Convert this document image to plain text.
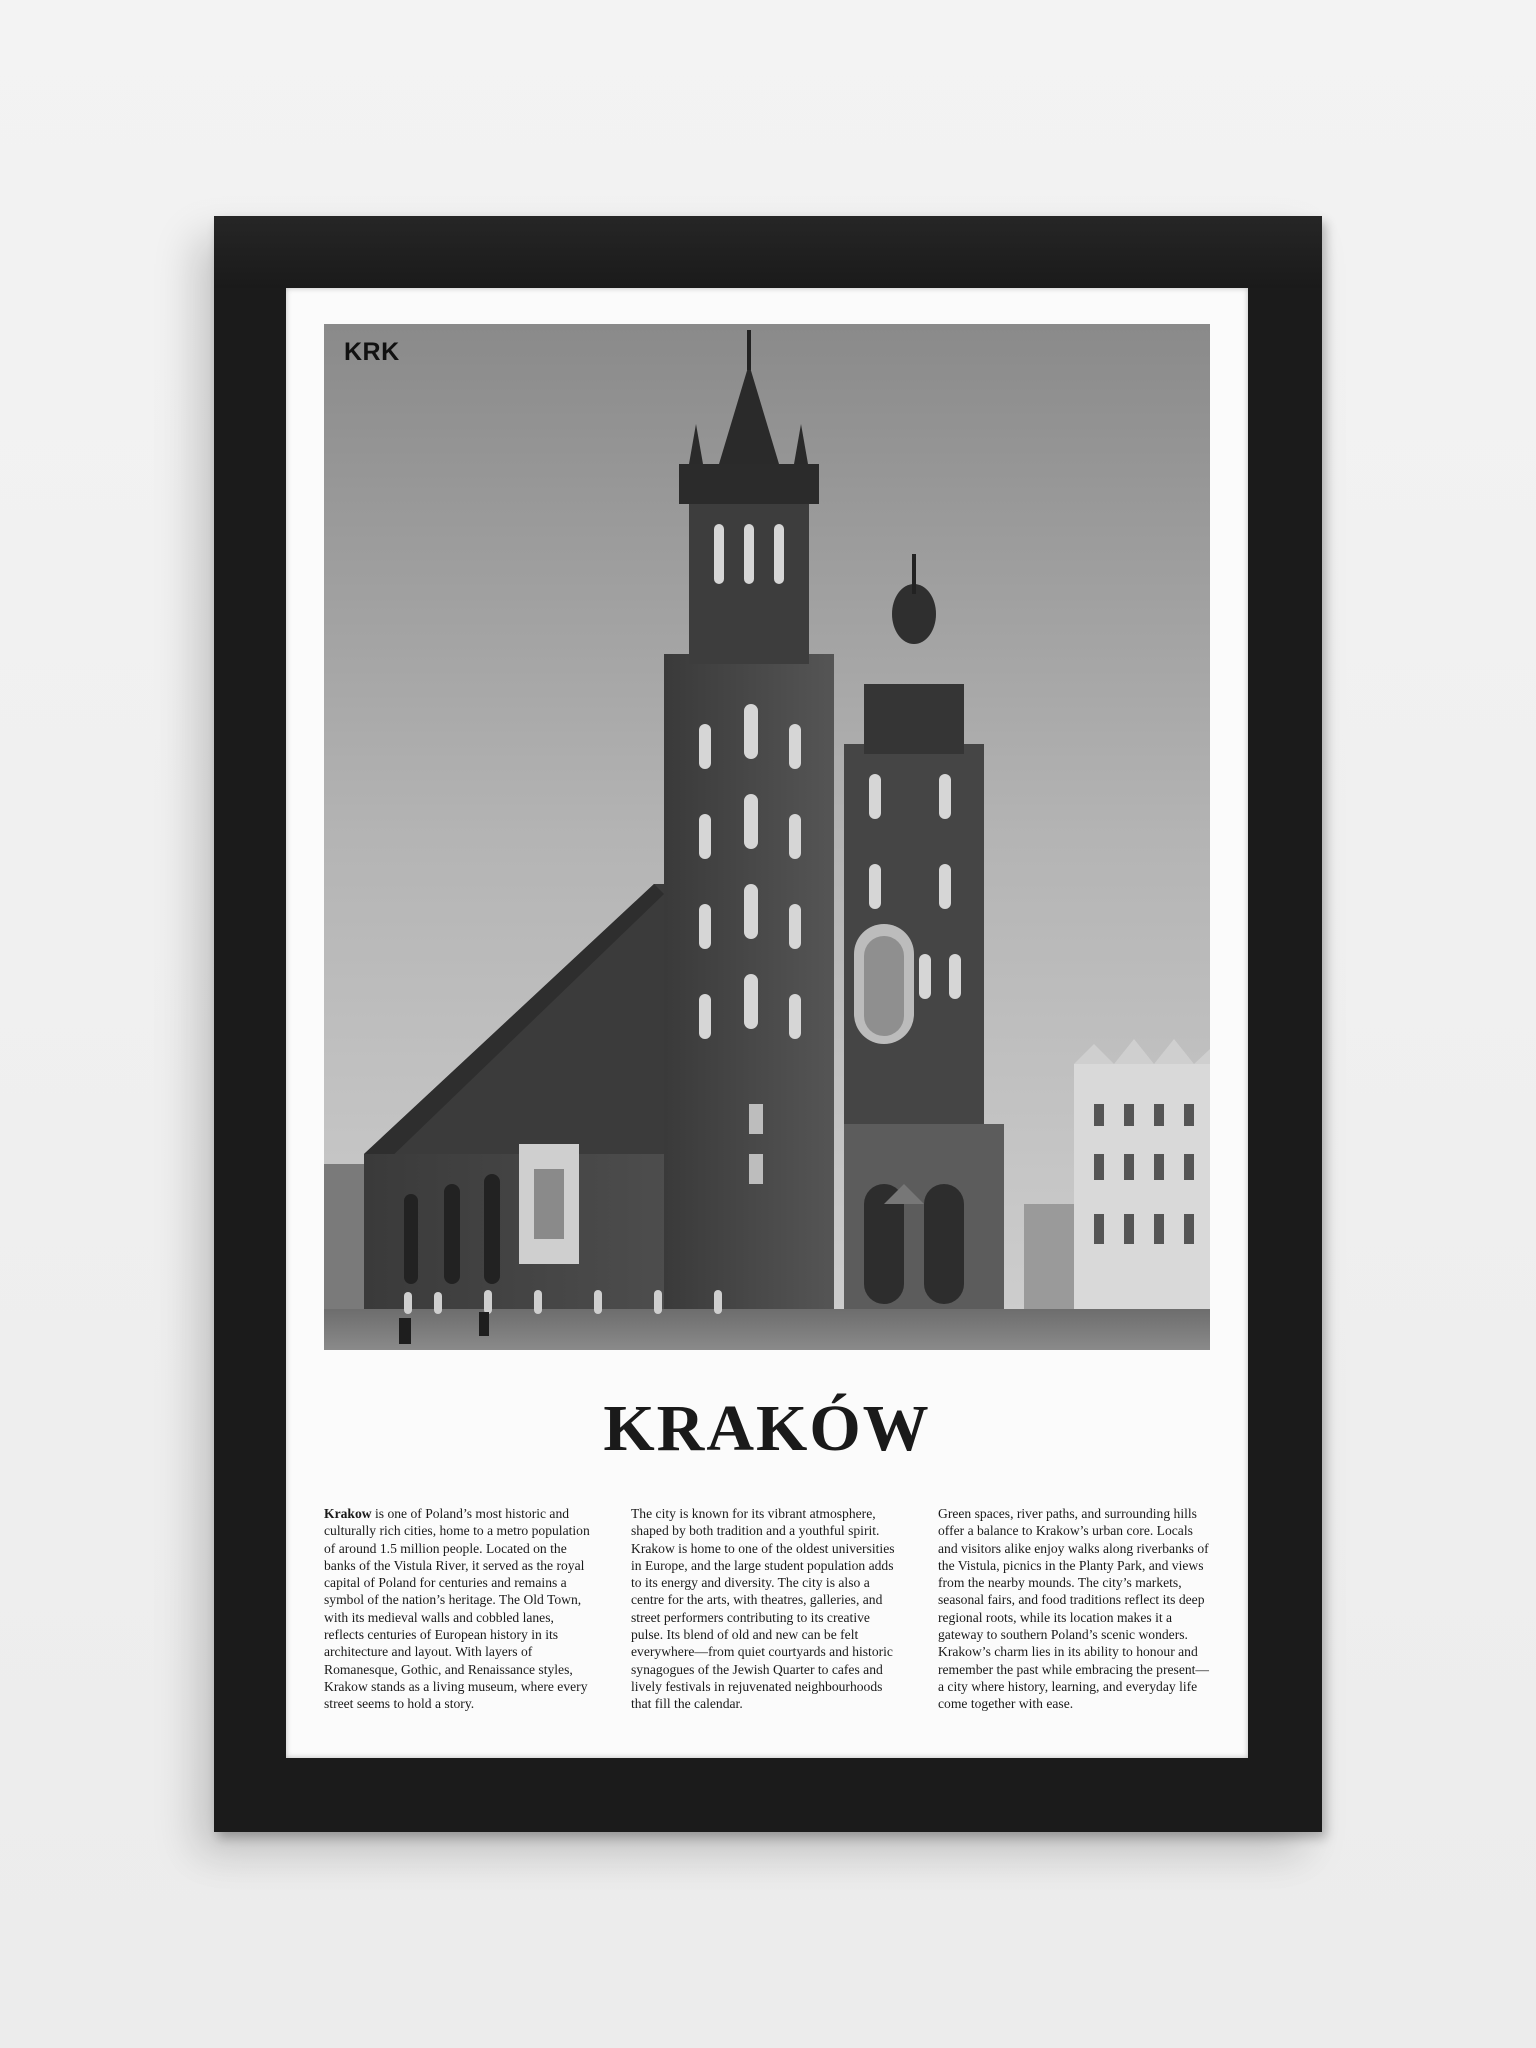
KRK
KRAKÓW
Krakow is one of Poland’s most historic and culturally rich cities, home to a metro population of around 1.5 million people. Located on the banks of the Vistula River, it served as the royal capital of Poland for centuries and remains a symbol of the nation’s heritage. The Old Town, with its medieval walls and cobbled lanes, reflects centuries of European history in its architecture and layout. With layers of Romanesque, Gothic, and Renaissance styles, Krakow stands as a living museum, where every street seems to hold a story.
The city is known for its vibrant atmosphere, shaped by both tradition and a youthful spirit. Krakow is home to one of the oldest universities in Europe, and the large student population adds to its energy and diversity. The city is also a centre for the arts, with theatres, galleries, and street performers contributing to its creative pulse. Its blend of old and new can be felt everywhere—from quiet courtyards and historic synagogues of the Jewish Quarter to cafes and lively festivals in rejuvenated neighbourhoods that fill the calendar.
Green spaces, river paths, and surrounding hills offer a balance to Krakow’s urban core. Locals and visitors alike enjoy walks along riverbanks of the Vistula, picnics in the Planty Park, and views from the nearby mounds. The city’s markets, seasonal fairs, and food traditions reflect its deep regional roots, while its location makes it a gateway to southern Poland’s scenic wonders. Krakow’s charm lies in its ability to honour and remember the past while embracing the present—a city where history, learning, and everyday life come together with ease.
